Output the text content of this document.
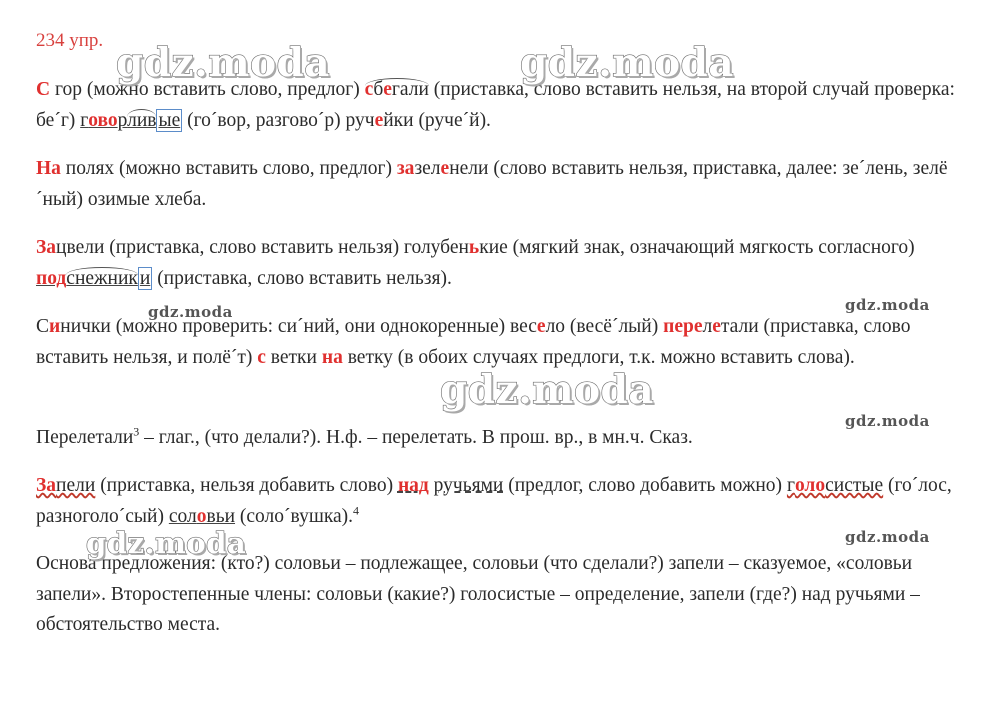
234 упр.

С гор (можно вставить слово, предлог) сбегали (приставка, слово вставить нельзя, на второй случай проверка: бе´г) говорлив ые (го´вор, разгово´р) ручейки (руче´й).

На полях (можно вставить слово, предлог) зазеленели (слово вставить нельзя, приставка, далее: зе´лень, зелё´ный) озимые хлеба.

Зацвели (приставка, слово вставить нельзя) голубенькие (мягкий знак, означающий мягкость согласного) подснежник и (приставка, слово вставить нельзя).

Синички (можно проверить: си´ний, они однокоренные) весело (весё´лый) перелетали (приставка, слово вставить нельзя, и полё´т) с ветки на ветку (в обоих случаях предлоги, т.к. можно вставить слова).

Перелетали$^3$ – глаг., (что делали?). Н.ф. – перелетать. В прош. вр., в мн.ч. Сказ.

Запели (приставка, нельзя добавить слово) над ручьями (предлог, слово добавить можно) голосистые (го´лос, разноголо´сый) соловьи (соло´вушка).$^4$

Основа предложения: (кто?) соловьи – подлежащее, соловьи (что сделали?) запели – сказуемое, «соловьи запели». Второстепенные члены: соловьи (какие?) голосистые – определение, запели (где?) над ручьями – обстоятельство места.

gdz.moda	gdz.moda
gdz.moda	gdz.moda
gdz.moda
gdz.moda
gdz.moda	gdz.moda
